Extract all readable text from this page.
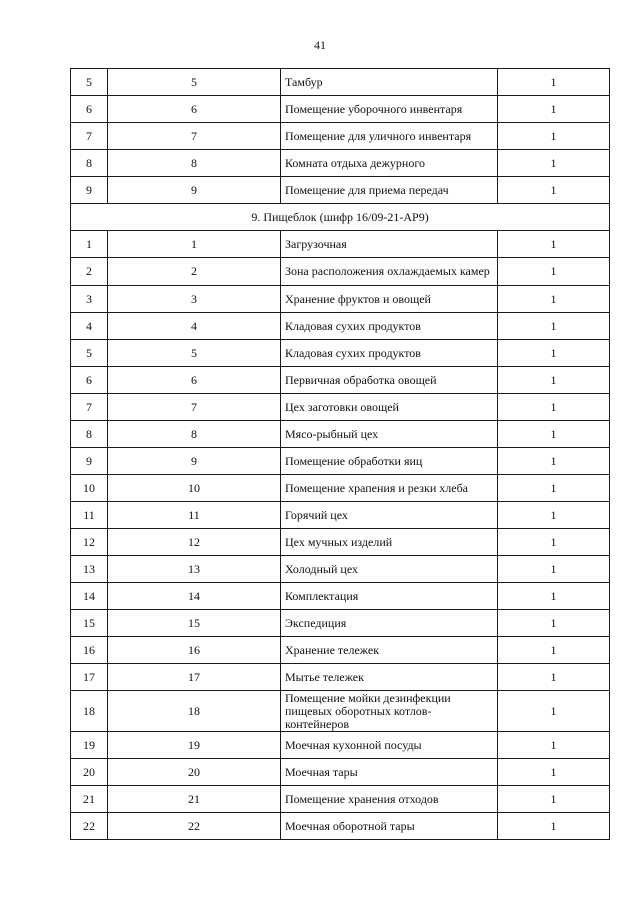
41
5	5	Тамбур	1
6	6	Помещение уборочного инвентаря	1
7	7	Помещение для уличного инвентаря	1
8	8	Комната отдыха дежурного	1
9	9	Помещение для приема передач	1
9. Пищеблок (шифр 16/09-21-АР9)			
1	1	Загрузочная	1
2	2	Зона расположения охлаждаемых камер	1
3	3	Хранение фруктов и овощей	1
4	4	Кладовая сухих продуктов	1
5	5	Кладовая сухих продуктов	1
6	6	Первичная обработка овощей	1
7	7	Цех заготовки овощей	1
8	8	Мясо-рыбный цех	1
9	9	Помещение обработки яиц	1
10	10	Помещение храпения и резки хлеба	1
11	11	Горячий цех	1
12	12	Цех мучных изделий	1
13	13	Холодный цех	1
14	14	Комплектация	1
15	15	Экспедиция	1
16	16	Хранение тележек	1
17	17	Мытье тележек	1
18	18	Помещение мойки дезинфекции пищевых оборотных котлов-контейнеров	1
19	19	Моечная кухонной посуды	1
20	20	Моечная тары	1
21	21	Помещение хранения отходов	1
22	22	Моечная оборотной тары	1
